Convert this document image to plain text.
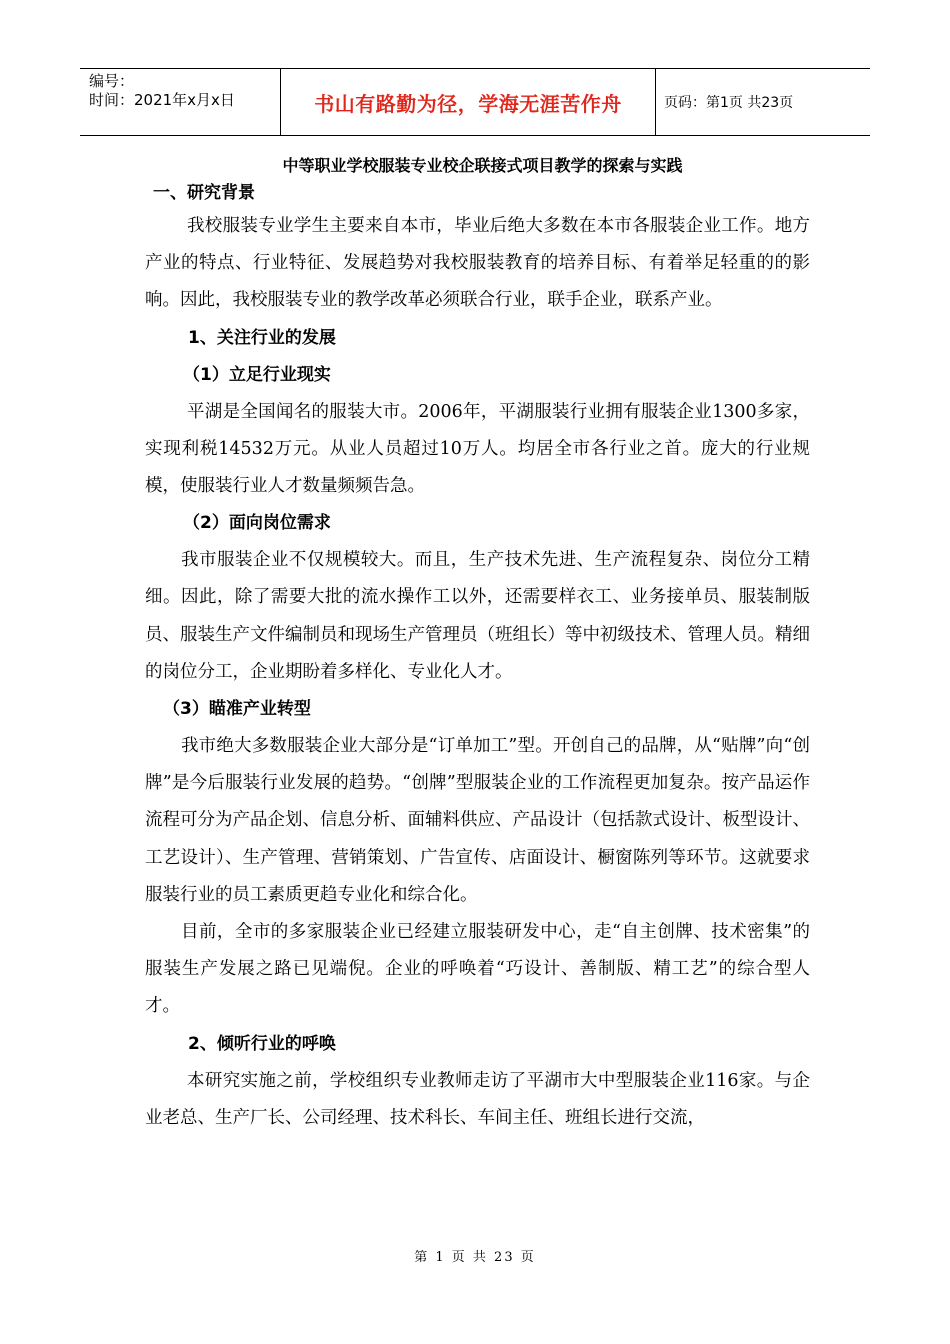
编号：
时间：2021年x月x日	书山有路勤为径，学海无涯苦作舟	页码：第1页 共23页
中等职业学校服装专业校企联接式项目教学的探索与实践
一、研究背景

我校服装专业学生主要来自本市，毕业后绝大多数在本市各服装企业工作。地方产业的特点、行业特征、发展趋势对我校服装教育的培养目标、有着举足轻重的的影响。因此，我校服装专业的教学改革必须联合行业，联手企业，联系产业。

1、关注行业的发展
（1）立足行业现实

平湖是全国闻名的服装大市。2006年，平湖服装行业拥有服装企业1300多家，实现利税14532万元。从业人员超过10万人。均居全市各行业之首。庞大的行业规模，使服装行业人才数量频频告急。

（2）面向岗位需求

我市服装企业不仅规模较大。而且，生产技术先进、生产流程复杂、岗位分工精细。因此，除了需要大批的流水操作工以外，还需要样衣工、业务接单员、服装制版员、服装生产文件编制员和现场生产管理员（班组长）等中初级技术、管理人员。精细的岗位分工，企业期盼着多样化、专业化人才。

（3）瞄准产业转型

我市绝大多数服装企业大部分是“订单加工”型。开创自己的品牌，从“贴牌”向“创牌”是今后服装行业发展的趋势。“创牌”型服装企业的工作流程更加复杂。按产品运作流程可分为产品企划、信息分析、面辅料供应、产品设计（包括款式设计、板型设计、工艺设计）、生产管理、营销策划、广告宣传、店面设计、橱窗陈列等环节。这就要求服装行业的员工素质更趋专业化和综合化。

目前，全市的多家服装企业已经建立服装研发中心，走“自主创牌、技术密集”的服装生产发展之路已见端倪。企业的呼唤着“巧设计、善制版、精工艺”的综合型人才。

2、倾听行业的呼唤

本研究实施之前，学校组织专业教师走访了平湖市大中型服装企业116家。与企业老总、生产厂长、公司经理、技术科长、车间主任、班组长进行交流，

第 1 页 共 23 页
